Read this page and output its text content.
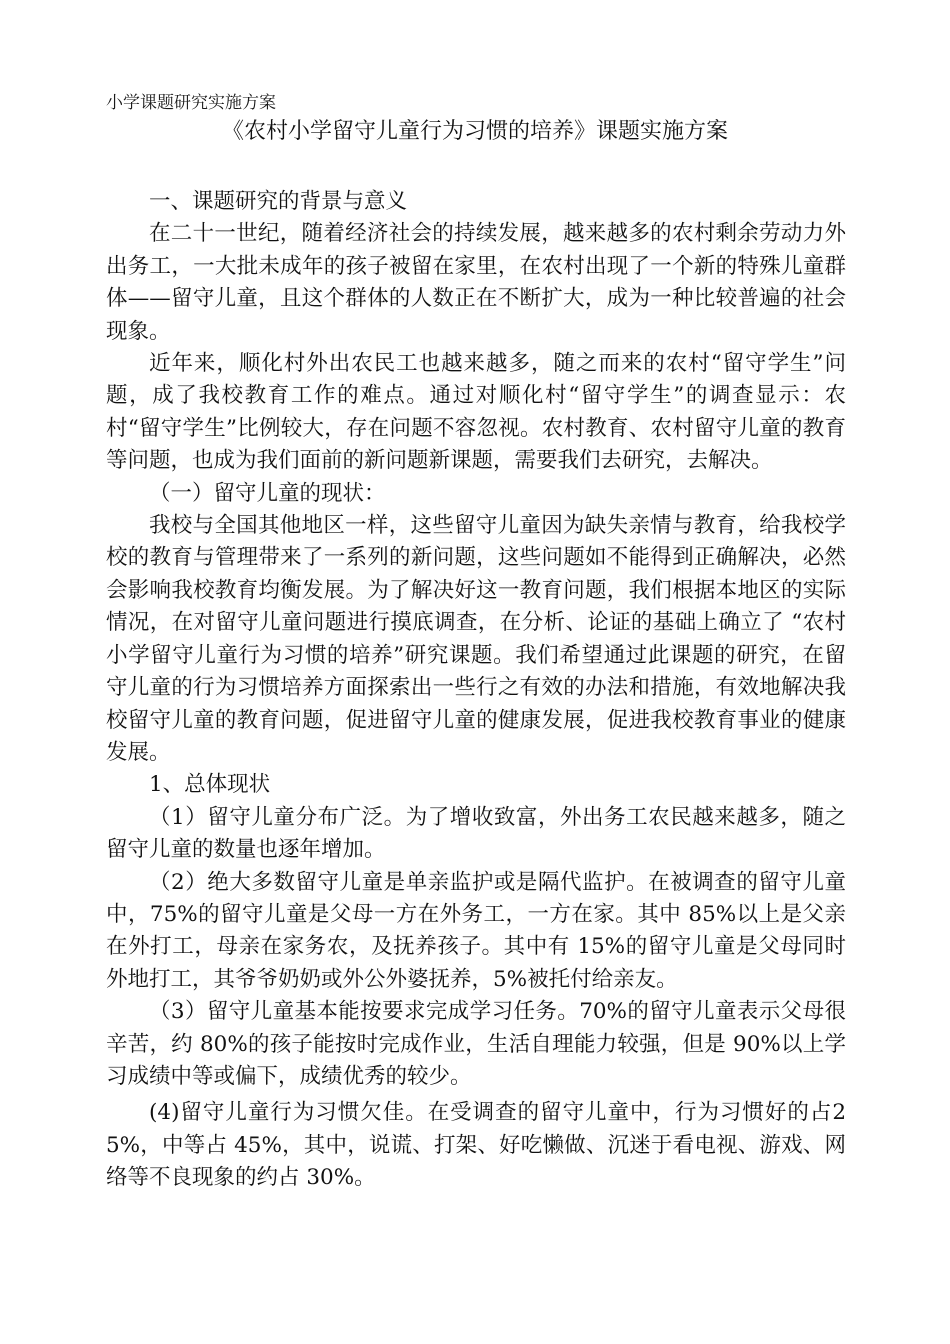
小学课题研究实施方案
《农村小学留守儿童行为习惯的培养》课题实施方案

一、课题研究的背景与意义

在二十一世纪，随着经济社会的持续发展，越来越多的农村剩余劳动力外出务工，一大批未成年的孩子被留在家里，在农村出现了一个新的特殊儿童群体——留守儿童，且这个群体的人数正在不断扩大，成为一种比较普遍的社会现象。

近年来，顺化村外出农民工也越来越多，随之而来的农村“留守学生”问题，成了我校教育工作的难点。通过对顺化村“留守学生”的调查显示：农村“留守学生”比例较大，存在问题不容忽视。农村教育、农村留守儿童的教育等问题，也成为我们面前的新问题新课题，需要我们去研究，去解决。

（一）留守儿童的现状：

我校与全国其他地区一样，这些留守儿童因为缺失亲情与教育，给我校学校的教育与管理带来了一系列的新问题，这些问题如不能得到正确解决，必然会影响我校教育均衡发展。为了解决好这一教育问题，我们根据本地区的实际情况，在对留守儿童问题进行摸底调查，在分析、论证的基础上确立了 “农村小学留守儿童行为习惯的培养”研究课题。我们希望通过此课题的研究，在留守儿童的行为习惯培养方面探索出一些行之有效的办法和措施，有效地解决我校留守儿童的教育问题，促进留守儿童的健康发展，促进我校教育事业的健康发展。

1、总体现状

（1）留守儿童分布广泛。为了增收致富，外出务工农民越来越多，随之留守儿童的数量也逐年增加。

（2）绝大多数留守儿童是单亲监护或是隔代监护。在被调查的留守儿童中，75%的留守儿童是父母一方在外务工，一方在家。其中 85%以上是父亲在外打工，母亲在家务农，及抚养孩子。其中有 15%的留守儿童是父母同时外地打工，其爷爷奶奶或外公外婆抚养，5%被托付给亲友。

（3）留守儿童基本能按要求完成学习任务。70%的留守儿童表示父母很辛苦，约 80%的孩子能按时完成作业，生活自理能力较强，但是 90%以上学习成绩中等或偏下，成绩优秀的较少。

(4)留守儿童行为习惯欠佳。在受调查的留守儿童中，行为习惯好的占25%，中等占 45%，其中，说谎、打架、好吃懒做、沉迷于看电视、游戏、网络等不良现象的约占 30%。
